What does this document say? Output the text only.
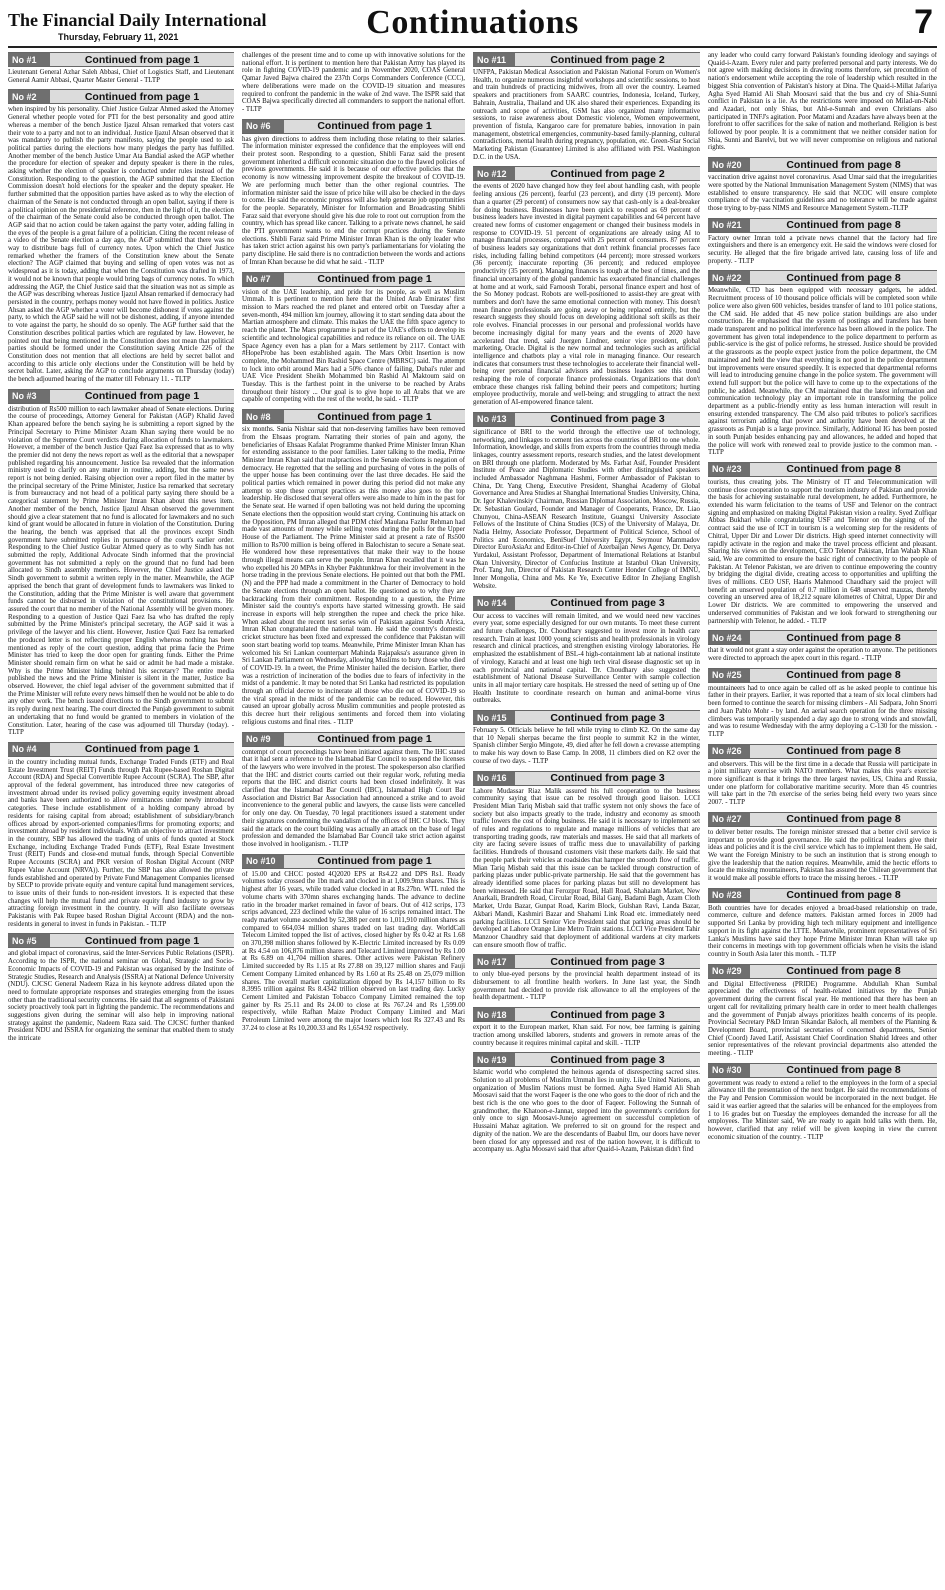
The Financial Daily International
Thursday, February 11, 2021	Continuations	7
No #1	Continued from page 1
Lieutenant General Azhar Saleh Abbasi, Chief of Logistics Staff, and Lieutenant General Aamir Abbasi, Quarter Master General - TLTP
No #2	Continued from page 1
when inspired by his personality. Chief Justice Gulzar Ahmed asked the Attorney General whether people voted for PTI for the best personality and good attire whereas a member of the bench Justice Ijazul Ahsan remarked that voters cast their vote to a party and not to an individual. Justice Ijazul Ahsan observed that it was mandatory to publish the party manifesto, saying the people used to ask political parties during the elections how many pledges the party has fulfilled. Another member of the bench Justice Umar Ata Bandial asked the AGP whether the procedure for election of speaker and deputy speaker is there in the rules, asking whether the election of speaker is conducted under rules instead of the Constitution. Responding to the question, the AGP submitted that the Election Commission doesn't hold elections for the speaker and the deputy speaker. He further submitted that the opposition parties have asked as to why the election of chairman of the Senate is not conducted through an open ballot, saying if there is a political opinion on the presidential reference, then in the light of it, the election of the chairman of the Senate could also be conducted through open ballot. The AGP said that no action could be taken against the party voter, adding falling in the eyes of the people is a great failure of a politician. Citing the recent release of a video of the Senate election a day ago, the AGP submitted that there was no way to distribute bags full of currency notes. Upon which the Chief Justice remarked whether the framers of the Constitution knew about the Senate election? The AGP claimed that buying and selling of open votes was not as widespread as it is today, adding that when the Constitution was drafted in 1973, it would not be known that people would bring bags of currency notes. To which addressing the AGP, the Chief Justice said that the situation was not as simple as the AGP was describing whereas Justice Ijazul Ahsan remarked if democracy had persisted in the country, perhaps money would not have flowed in politics. Justice Ahsan asked the AGP whether a voter will become dishonest if votes against the party, to which the AGP said he will not be dishonest, adding, if anyone intended to vote against the party, he should do so openly. The AGP further said that the Constitution describes political parties which are regulated by law. However, he pointed out that being mentioned in the Constitution does not mean that political parties should be formed under the Constitution saying Article 226 of the Constitution does not mention that all elections are held by secret ballot and according to this article only elections under the Constitution will be held by secret ballot. Later, asking the AGP to conclude arguments on Thursday (today) the bench adjourned hearing of the matter till February 11. - TLTP
No #3	Continued from page 1
distribution of Rs500 million to each lawmaker ahead of Senate elections. During the course of proceedings, Attorney General for Pakistan (AGP) Khalid Javed Khan appeared before the bench saying he is submitting a report signed by the Principal Secretary to Prime Minister Azam Khan saying there would be no violation of the Supreme Court verdicts during allocation of funds to lawmakers. However, a member of the bench Justice Qazi Faez Isa expressed that as to why the premier did not deny the news report as well as the editorial that a newspaper published regarding his announcement. Justice Isa revealed that the information ministry used to clarify on any matter in routine, adding, but the same news report is not being denied. Raising objection over a report filed in the matter by the principal secretary of the Prime Minister, Justice Isa remarked that secretary is from bureaucracy and not head of a political party saying there should be a categorical statement by Prime Minister Imran Khan about this news item. Another member of the bench, Justice Ijazul Ahsan observed the government should give a clear statement that no fund is allocated for lawmakers and no such kind of grant would be allocated in future in violation of the Constitution. During the hearing, the bench was apprised that all the provinces except Sindh government have submitted replies in pursuance of the court's earlier order. Responding to the Chief Justice Gulzar Ahmed query as to why Sindh has not submitted the reply, Additional Advocate Sindh informed that the provincial government has not submitted a reply on the ground that no fund had been allocated to Sindh assembly members. However, the Chief Justice asked the Sindh government to submit a written reply in the matter. Meanwhile, the AGP apprised the bench that grant of development funds to lawmakers was linked to the Constitution, adding that the Prime Minister is well aware that government funds cannot be disbursed in violation of the constitutional provisions. He assured the court that no member of the National Assembly will be given money. Responding to a question of Justice Qazi Faez Isa who has drafted the reply submitted by the Prime Minister's principal secretary, the AGP said it was a privilege of the lawyer and his client. However, Justice Qazi Faez Isa remarked the produced letter is not reflecting proper English whereas nothing has been mentioned as reply of the court question, adding that prima facie the Prime Minister has tried to keep the door open for granting funds. Either the Prime Minister should remain firm on what he said or admit he had made a mistake. Why is the Prime Minister hiding behind his secretary? The entire media published the news and the Prime Minister is silent in the matter, Justice Isa observed. However, the chief legal adviser of the government submitted that if the Prime Minister will refute every news himself then he would not be able to do any other work. The bench issued directions to the Sindh government to submit its reply during next hearing. The court directed the Punjab government to submit an undertaking that no fund would be granted to members in violation of the Constitution. Later, hearing of the case was adjourned till Thursday (today). - TLTP
No #4	Continued from page 1
in the country including mutual funds, Exchange Traded Funds (ETF) and Real Estate Investment Trust (REIT) Funds through Pak Rupee-based Roshan Digital Account (RDA) and Special Convertible Rupee Account (SCRA). The SBP, after approval of the federal government, has introduced three new categories of investment abroad under its revised policy governing equity investment abroad and banks have been authorized to allow remittances under newly introduced categories. These include establishment of a holding company abroad by residents for raising capital from abroad; establishment of subsidiary/branch offices abroad by export-oriented companies/firms for promoting exports; and investment abroad by resident individuals. With an objective to attract investment in the country, SBP has allowed the trading of units of funds quoted at Stock Exchange, including Exchange Traded Funds (ETF), Real Estate Investment Trust (REIT) Funds and close-end mutual funds, through Special Convertible Rupee Accounts (SCRA) and PKR version of Roshan Digital Account (NRP Rupee Value Account (NRVA)). Further, the SBP has also allowed the private funds established and operated by Private Fund Management Companies licensed by SECP to provide private equity and venture capital fund management services, to issue units of their funds to non-resident investors. It is expected that these changes will help the mutual fund and private equity fund industry to grow by attracting foreign investment in the country. It will also facilitate overseas Pakistanis with Pak Rupee based Roshan Digital Account (RDA) and the non-residents in general to invest in funds in Pakistan. - TLTP
No #5	Continued from page 1
and global impact of coronavirus, said the Inter-Services Public Relations (ISPR). According to the ISPR, the national seminar on Global, Strategic and Socio-Economic Impacts of COVID-19 and Pakistan was organised by the Institute of Strategic Studies, Research and Analysis (ISSRA) at National Defence University (NDU). CJCSC General Nadeem Raza in his keynote address dilated upon the need to formulate appropriate responses and strategies emerging from the issues other than the traditional security concerns. He said that all segments of Pakistani society proactively took part in fighting the pandemic. The recommendations and suggestions given during the seminar will also help in improving national strategy against the pandemic, Nadeem Raza said. The CJCSC further thanked President NDU and ISSRA for organizing the seminar that enabled them to study the intricate
challenges of the present time and to come up with innovative solutions for the national effort. It is pertinent to mention here that Pakistan Army has played its role in fighting COVID-19 pandemic and in November 2020, COAS General Qamar Javed Bajwa chaired the 237th Corps Commanders Conference (CCC), where deliberations were made on the COVID-19 situation and measures required to confront the pandemic in the wake of 2nd wave. The ISPR said that COAS Bajwa specifically directed all commanders to support the national effort. - TLTP
No #6	Continued from page 1
has given directions to address them including those relating to their salaries. The information minister expressed the confidence that the employees will end their protest soon. Responding to a question, Shibli Faraz said the present government inherited a difficult economic situation due to the flawed policies of previous governments. He said it is because of our effective policies that the economy is now witnessing improvement despite the breakout of COVID-19. We are performing much better than the other regional countries. The information minister said the issue of price hike will also be checked in the days to come. He said the economic progress will also help generate job opportunities for the people. Separately, Minister for Information and Broadcasting Shibli Faraz said that everyone should give his due role to root out corruption from the country, which has spread like cancer. Talking to a private news channel, he said the PTI government wants to end the corrupt practices during the Senate elections. Shibli Faraz said Prime Minister Imran Khan is the only leader who has taken strict action against his own party's parliamentarians for violating the party discipline. He said there is no contradiction between the words and actions of Imran Khan because he did what he said. - TLTP
No #7	Continued from page 1
vision of the UAE leadership, and pride for its people, as well as Muslim Ummah. It is pertinent to mention here that the United Arab Emirates' first mission to Mars reached the red planet and entered orbit on Tuesday after a seven-month, 494 million km journey, allowing it to start sending data about the Martian atmosphere and climate. This makes the UAE the fifth space agency to reach the planet. The Mars programme is part of the UAE's efforts to develop its scientific and technological capabilities and reduce its reliance on oil. The UAE Space Agency even has a plan for a Mars settlement by 2117. Contact with #HopeProbe has been established again. The Mars Orbit Insertion is now complete, the Mohammed Bin Rashid Space Centre (MBRSC) said. The attempt to lock into orbit around Mars had a 50% chance of failing, Dubai's ruler and UAE Vice President Sheikh Mohammed bin Rashid Al Maktoum said on Tuesday. This is the farthest point in the universe to be reached by Arabs throughout their history ... Our goal is to give hope to all Arabs that we are capable of competing with the rest of the world, he said. - TLTP
No #8	Continued from page 1
six months. Sania Nishtar said that non-deserving families have been removed from the Ehsaas program. Narrating their stories of pain and agony, the beneficiaries of Ehsaas Kafalat Programme thanked Prime Minister Imran Khan for extending assistance to the poor families. Later talking to the media, Prime Minister Imran Khan said that malpractices in the Senate elections is negation of democracy. He regretted that the selling and purchasing of votes in the polls of the upper house has been continuing over the last three decades. He said the political parties which remained in power during this period did not make any attempt to stop these corrupt practices as this money also goes to the top leadership. He disclosed that several offers were also made to him in the past for the Senate seat. He warned if open balloting was not held during the upcoming Senate elections then the opposition would start crying. Continuing his attack on the Opposition, PM Imran alleged that PDM chief Maulana Fazlur Rehman had made vast amounts of money while selling votes during the polls for the Upper House of the Parliament. The Prime Minister said at present a rate of Rs500 million to Rs700 million is being offered in Balochistan to secure a Senate seat. He wondered how these representatives that make their way to the house through illegal means can serve the people. Imran Khan recalled that it was he who expelled his 20 MPAs in Khyber Pakhtunkhwa for their involvement in the horse trading in the previous Senate elections. He pointed out that both the PML (N) and the PPP had made a commitment in the Charter of Democracy to hold the Senate elections through an open ballot. He questioned as to why they are backtracking from their commitment. Responding to a question, the Prime Minister said the country's exports have started witnessing growth. He said increase in exports will help strengthen the rupee and check the price hike. When asked about the recent test series win of Pakistan against South Africa, Imran Khan congratulated the national team. He said the country's domestic cricket structure has been fixed and expressed the confidence that Pakistan will soon start beating world top teams. Meanwhile, Prime Minister Imran Khan has welcomed his Sri Lankan counterpart Mahinda Rajapaksa's assurance given in Sri Lankan Parliament on Wednesday, allowing Muslims to bury those who died of COVID-19. In a tweet, the Prime Minister hailed the decision. Earlier, there was a restriction of incineration of the bodies due to fears of infectivity in the midst of a pandemic. It may be noted that Sri Lanka had restricted its population through an official decree to incinerate all those who die out of COVID-19 so the viral spread in the midst of the pandemic can be reduced. However, this caused an uproar globally across Muslim communities and people protested as this decree hurt their religious sentiments and forced them into violating religious customs and final rites. - TLTP
No #9	Continued from page 1
contempt of court proceedings have been initiated against them. The IHC stated that it had sent a reference to the Islamabad Bar Council to suspend the licenses of the lawyers who were involved in the protest. The spokesperson also clarified that the IHC and district courts carried out their regular work, refuting media reports that the IHC and district courts had been closed indefinitely. It was clarified that the Islamabad Bar Council (IBC), Islamabad High Court Bar Association and District Bar Association had announced a strike and to avoid inconvenience to the general public and lawyers, the cause lists were cancelled for only one day. On Tuesday, 70 legal practitioners issued a statement under their signatures condemning the vandalism of the offices of IHC CJ block. They said the attack on the court building was actually an attack on the base of legal profession and demanded the Islamabad Bar Council take strict action against those involved in hooliganism. - TLTP
No #10	Continued from page 1
of 15.00 and CHCC posted 4Q2020 EPS at Rs4.22 and DPS Rs1. Ready volumes today crossed the 1bn mark and clocked in at 1,009.9mn shares. This is highest after 16 years, while traded value clocked in at Rs.27bn. WTL ruled the volume charts with 370mn shares exchanging hands. The advance to decline ratio in the broader market remained in favor of bears. Out of 412 scrips, 173 scrips advanced, 223 declined while the value of 16 scrips remained intact. The ready market volume ascended by 52,388 per cent to 1,011,910 million shares as compared to 664,034 million shares traded on last trading day. WorldCall Telecom Limited topped the list of actives, closed higher by Rs 0.42 at Rs 1.68 on 370,398 million shares followed by K-Electric Limited increased by Rs 0.09 at Rs 4.54 on 106,876 million shares and Telecard Limited improved by Rs 1.00 at Rs 6.89 on 41,704 million shares. Other actives were Pakistan Refinery Limited succeeded by Rs 1.15 at Rs 27.88 on 39,127 million shares and Fauji Cement Company Limited enhanced by Rs 1.60 at Rs 25.48 on 25,079 million shares. The overall market capitalization dipped by Rs 14,157 billion to Rs 8.3995 trillion against Rs 8.4342 trillion observed on last trading day. Lucky Cement Limited and Pakistan Tobacco Company Limited remained the top gainer by Rs 25.11 and Rs 24.00 to close at Rs 767.24 and Rs 1,599.00 respectively, while Rafhan Maize Product Company Limited and Mari Petroleum Limited were among the major losers which lost Rs 327.43 and Rs 37.24 to close at Rs 10,200.33 and Rs 1,654.92 respectively.
No #11	Continued from page 2
UNFPA, Pakistan Medical Association and Pakistan National Forum on Women's Health, to organize numerous insightful workshops and scientific sessions, to host and train hundreds of practicing midwives, from all over the country. Learned speakers and practitioners from SAARC countries, Indonesia, Iceland, Turkey, Bahrain, Australia, Thailand and UK also shared their experiences. Expanding its outreach and scope of activities, GSM has also organized many informative sessions, to raise awareness about Domestic violence, Women empowerment, prevention of fistula, Kangaroo care for premature babies, innovation in pain management, obstetrical emergencies, community-based family-planning, cultural contradictions, mental health during pregnancy, population, etc. Green-Star Social Marketing Pakistan (Guarantee) Limited is also affiliated with PSL Washington D.C. in the USA.
No #12	Continued from page 2
the events of 2020 have changed how they feel about handling cash, with people feeling anxious (26 percent), fearful (23 percent), and dirty (19 percent). More than a quarter (29 percent) of consumers now say that cash-only is a deal-breaker for doing business. Businesses have been quick to respond as 69 percent of business leaders have invested in digital payment capabilities and 64 percent have created new forms of customer engagement or changed their business models in response to COVID-19. 51 percent of organizations are already using AI to manage financial processes, compared with 25 percent of consumers. 87 percent of business leaders say organizations that don't rethink financial processes face risks, including falling behind competitors (44 percent); more stressed workers (36 percent); inaccurate reporting (36 percent); and reduced employee productivity (35 percent). Managing finances is tough at the best of times, and the financial uncertainty of the global pandemic has exacerbated financial challenges at home and at work, said Farnoosh Torabi, personal finance expert and host of the So Money podcast. Robots are well-positioned to assist-they are great with numbers and don't have the same emotional connection with money. This doesn't mean finance professionals are going away or being replaced entirely, but the research suggests they should focus on developing additional soft skills as their role evolves. Financial processes in our personal and professional worlds have become increasingly digital for many years and the events of 2020 have accelerated that trend, said Juergen Lindner, senior vice president, global marketing, Oracle. Digital is the new normal and technologies such as artificial intelligence and chatbots play a vital role in managing finance. Our research indicates that consumers trust these technologies to accelerate their financial well-being over personal financial advisors and business leaders see this trend reshaping the role of corporate finance professionals. Organizations that don't embrace these changes risk falling behind their peers and competitors; hurting employee productivity, morale and well-being; and struggling to attract the next generation of AI-empowered finance talent.
No #13	Continued from page 3
significance of BRI to the world through the effective use of technology, networking, and linkages to cement ties across the countries of BRI to one whole. Information, knowledge, and skills from experts from the countries through media linkages, country assessment reports, research studies, and the latest development on BRI through one platform. Moderated by Ms. Farhat Asif, Founder President Institute of Peace and Diplomatic Studies with other distinguished speakers included Ambassador Naghmana Hashmi, Former Ambassador of Pakistan to China, Dr. Yang Cheng, Executive President, Shanghai Academy of Global Governance and Area Studies at Shanghai International Studies University, China, Dr. Igor Khalevinskiy Chairman, Russian Diplomat Association, Moscow, Russia, Dr. Sebastian Goulard, Founder and Manager of Cooperants, France, Dr. Liao Chunyou, China-ASEAN Research Institute, Guangxi University Associate Fellows of the Institute of China Studies (ICS) of the University of Malaya, Dr. Nadia Helmy, Associate Professor, Department of Political Science, School of Politics and Economics, BeniSuef University Egypt, Seymour Mammadov Director EuroAsiaAz and Editor-in-Chief of Azerbaijan News Agency, Dr. Derya Yurdakul, Assistant Professor, Department of International Relations at Istanbul Okan University, Director of Confucius Institute at Istanbul Okan University, Prof. Tang Jun, Director of Pakistan Research Center Honder College of IMNU, Inner Mongolia, China and Ms. Ke Ye, Executive Editor In Zhejiang English Website.
No #14	Continued from page 3
Our access to vaccines will remain limited, and we would need new vaccines every year, some especially designed for our own mutants. To meet these current and future challenges, Dr. Choudhary suggested to invest more in health care research. Train at least 1000 young scientists and health professionals in virology research and clinical practices, and strengthen existing virology laboratories. He emphasized the establishment of BSL-4 high-containment lab at national institute of virology, Karachi and at least one high tech viral disease diagnostic set up in each provincial and national capital. Dr. Choudhary also suggested the establishment of National Disease Surveillance Center with sample collection units in all major tertiary care hospitals. He stressed the need of setting up of One Health Institute to coordinate research on human and animal-borne virus outbreaks.
No #15	Continued from page 3
February 5. Officials believe he fell while trying to climb K2. On the same day that 10 Nepali sherpas became the first people to summit K2 in the winter, Spanish climber Sergio Mingote, 49, died after he fell down a crevasse attempting to make his way down to Base Camp. In 2008, 11 climbers died on K2 over the course of two days. - TLTP
No #16	Continued from page 3
Lahore Mudassar Riaz Malik assured his full cooperation to the business community saying that issue can be resolved through good liaison. LCCI President Mian Tariq Misbah said that traffic system not only shows the face of society but also impacts greatly to the trade, industry and economy as smooth traffic lowers the cost of doing business. He said it is necessary to implement set of rules and regulations to regulate and manage millions of vehicles that are transporting trading goods, raw materials and masses. He said that all markets of city are facing severe issues of traffic mess due to unavailability of parking facilities. Hundreds of thousand customers visit these markets daily. He said that the people park their vehicles at roadsides that hamper the smooth flow of traffic. Mian Tariq Misbah said that this issue can be tackled through construction of parking plazas under public-private partnership. He said that the government has already identified some places for parking plazas but still no development has been witnessed. He said that Ferozpur Road, Hall Road, Shahalam Market, New Anarkali, Brandreth Road, Circular Road, Bilal Ganj, Badami Bagh, Azam Cloth Market, Urdu Bazar, Gunpat Road, Karim Block, Gulshan Ravi, Landa Bazar, Akbari Mandi, Kashmiri Bazar and Shahami Link Road etc. immediately need parking facilities. LCCI Senior Vice President said that parking areas should be developed at Lahore Orange Line Metro Train stations. LCCI Vice President Tahir Manzoor Chaudhry said that deployment of additional wardens at city markets can ensure smooth flow of traffic.
No #17	Continued from page 3
to only blue-eyed persons by the provincial health department instead of its disbursement to all frontline health workers. In June last year, the Sindh government had decided to provide risk allowance to all the employees of the health department. - TLTP
No #18	Continued from page 3
export it to the European market, Khan said. For now, bee farming is gaining traction among unskilled laborers, students and growers in remote areas of the country because it requires minimal capital and skill. - TLTP
No #19	Continued from page 3
Islamic world who completed the heinous agenda of disrespecting sacred sites. Solution to all problems of Muslim Ummah lies in unity. Like United Nations, an organization of Muslim Nations must be formed. Agha Syed Hamid Ali Shah Moosavi said that the worst Faqeer is the one who goes to the door of rich and the best rich is the one who goes to the door of Faqeer. Following the Sunnah of grandmother, the Khatoon-e-Jannat, stepped into the government's corridors for only once to sign Moosavi-Junejo agreement on successful completion of Hussaini Mahaz agitation. We preferred to sit on ground for the respect and dignity of the nation. We are the descendants of Baabul Ilm, our doors have never been closed for any oppressed and rest of the nation however, it is difficult to accompany us. Agha Moosavi said that after Quaid-i-Azam, Pakistan didn't find
any leader who could carry forward Pakistan's founding ideology and sayings of Quaid-i-Azam. Every ruler and party preferred personal and party interests. We do not agree with making decisions in drawing rooms therefore, set precondition of nation's endorsement while accepting the role of leadership which resulted in the biggest Shia convention of Pakistan's history at Dina. The Quaid-i-Millat Jafariya Agha Syed Hamid Ali Shah Moosavi said that the bus and cry of Shia-Sunni conflict in Pakistan is a lie. As the restrictions were imposed on Milad-un-Nabi and Azadari, not only Shias, but Ahl-e-Sunnah and even Christians also participated in TNFJ's agitation. Poor Matami and Azadars have always been at the forefront to offer sacrifices for the sake of nation and motherland. Religion is best followed by poor people. It is a commitment that we neither consider nation for Shia, Sunni and Barelvi, but we will never compromise on religious and national rights.
No #20	Continued from page 8
vaccination drive against novel coronavirus. Asad Umar said that the irregularities were spotted by the National Immunisation Management System (NIMS) that was established to ensure transparency. He said that NCOC will ensure complete compliance of the vaccination guidelines and no tolerance will be made against those trying to by-pass NIMS and Resource Management System.-TLTP
No #21	Continued from page 8
Factory owner Imran told a private news channel that the factory had fire extinguishers and there is an emergency exit. He said the windows were closed for security. He alleged that the fire brigade arrived late, causing loss of life and property. - TLTP
No #22	Continued from page 8
Meanwhile, CTD has been equipped with necessary gadgets, he added. Recruitment process of 10 thousand police officials will be completed soon while police were also given 600 vehicles, besides transfer of land to 101 police stations, the CM said. He added that 45 new police station buildings are also under construction. He emphasised that the system of postings and transfers has been made transparent and no political interference has been allowed in the police. The government has given total independence to the police department to perform as public-service is the gist of police reforms, he stressed. Justice should be provided at the grassroots as the people expect justice from the police department, the CM maintained and held the view that everything is not good in the police department but improvements were ensured speedily. It is expected that departmental reforms will lead to introducing genuine change in the police system. The government will extend full support but the police will have to come up to the expectations of the public, he added. Meanwhile, the CM maintained that the latest information and communication technology play an important role in transforming the police department as a public-friendly entity as less human interaction will result in ensuring extended transparency. The CM also paid tributes to police's sacrifices against terrorism adding that power and authority have been devolved at the grassroots as Punjab is a large province. Similarly, Additional IG has been posted in south Punjab besides enhancing pay and allowances, he added and hoped that the police will work with renewed zeal to provide justice to the common man. - TLTP
No #23	Continued from page 8
tourists, thus creating jobs. The Ministry of IT and Telecommunication will continue close cooperation to support the tourism industry of Pakistan and provide the basis for achieving sustainable rural development, he added. Furthermore, he extended his warm felicitation to the teams of USF and Telenor on the contract signing and emphasized on making Digital Pakistan vision a reality. Syed Zulfiqar Abbas Bukhari while congratulating USF and Telenor on the signing of the contract said the use of ICT in tourism is a welcoming step for the residents of Chitral, Upper Dir and Lower Dir districts. High speed internet connectivity will rapidly activate in the region and make the travel process efficient and pleasant. Sharing his views on the development, CEO Telenor Pakistan, Irfan Wahab Khan said, We are committed to ensure the basic right of connectivity to the people of Pakistan. At Telenor Pakistan, we are driven to continue empowering the country by bridging the digital divide, creating access to opportunities and uplifting the lives of millions. CEO USF, Haaris Mahmood Chaudhary said the project will benefit an unserved population of 0.7 million in 648 unserved mauzas, thereby covering an unserved area of 18,212 square kilometres of Chitral, Upper Dir and Lower Dir districts. We are committed to empowering the unserved and underserved communities of Pakistan and we look forward to strengthening our partnership with Telenor, he added. - TLTP
No #24	Continued from page 8
that it would not grant a stay order against the operation to anyone. The petitioners were directed to approach the apex court in this regard. - TLTP
No #25	Continued from page 8
mountaineers had to once again be called off as he asked people to continue his father in their prayers. Earlier, it was reported that a team of six local climbers had been formed to continue the search for missing climbers - Ali Sadpara, John Snorri and Juan Pablo Mohr - by land. An aerial search operation for the three missing climbers was temporarily suspended a day ago due to strong winds and snowfall, and was to resume Wednesday with the army deploying a C-130 for the mission. - TLTP
No #26	Continued from page 8
and observers. This will be the first time in a decade that Russia will participate in a joint military exercise with NATO members. What makes this year's exercise more significant is that it brings the three largest navies, US, China and Russia, under one platform for collaborative maritime security. More than 45 countries will take part in the 7th exercise of the series being held every two years since 2007. - TLTP
No #27	Continued from page 8
to deliver better results. The foreign minister stressed that a better civil service is important to provide good governance. He said the political leaders give their ideas and policies and it is the civil service which has to implement them. He said, We want the Foreign Ministry to be such an institution that is strong enough to give the leadership that the nation requires. Meanwhile, amid the hectic efforts to locate the missing mountaineers, Pakistan has assured the Chilean government that it would make all possible efforts to trace the missing heroes. - TLTP
No #28	Continued from page 8
Both countries have for decades enjoyed a broad-based relationship on trade, commerce, culture and defence matters. Pakistan armed forces in 2009 had supported Sri Lanka by providing high tech military equipment and intelligence support in its fight against the LTTE. Meanwhile, prominent representatives of Sri Lanka's Muslims have said they hope Prime Minister Imran Khan will take up their concerns in meetings with top government officials when he visits the island country in South Asia later this month. - TLTP
No #29	Continued from page 8
and Digital Effectiveness (PRIDE) Programme. Abdullah Khan Sumbal appreciated the effectiveness of health-related initiatives by the Punjab government during the current fiscal year. He mentioned that there has been an urgent call for revitalizing primary health care in order to meet health challenges and the government of Punjab always prioritizes health concerns of its people. Provincial Secretary P&D Imran Sikandar Baloch, all members of the Planning & Development Board, provincial secretaries of concerned departments, Senior Chief (Coord) Javed Latif, Assistant Chief Coordination Shahid Idrees and other senior representatives of the relevant provincial departments also attended the meeting. - TLTP
No #30	Continued from page 8
government was ready to extend a relief to the employees in the form of a special allowance till the presentation of the next budget. He said the recommendations of the Pay and Pension Commission would be incorporated in the next budget. He said it was earlier agreed that the salaries will be enhanced for the employees from 1 to 16 grades but on Tuesday the employees demanded the increase for all the employees. The Minister said, We are ready to again hold talks with them. He, however, clarified that any relief will be given keeping in view the current economic situation of the country. - TLTP
